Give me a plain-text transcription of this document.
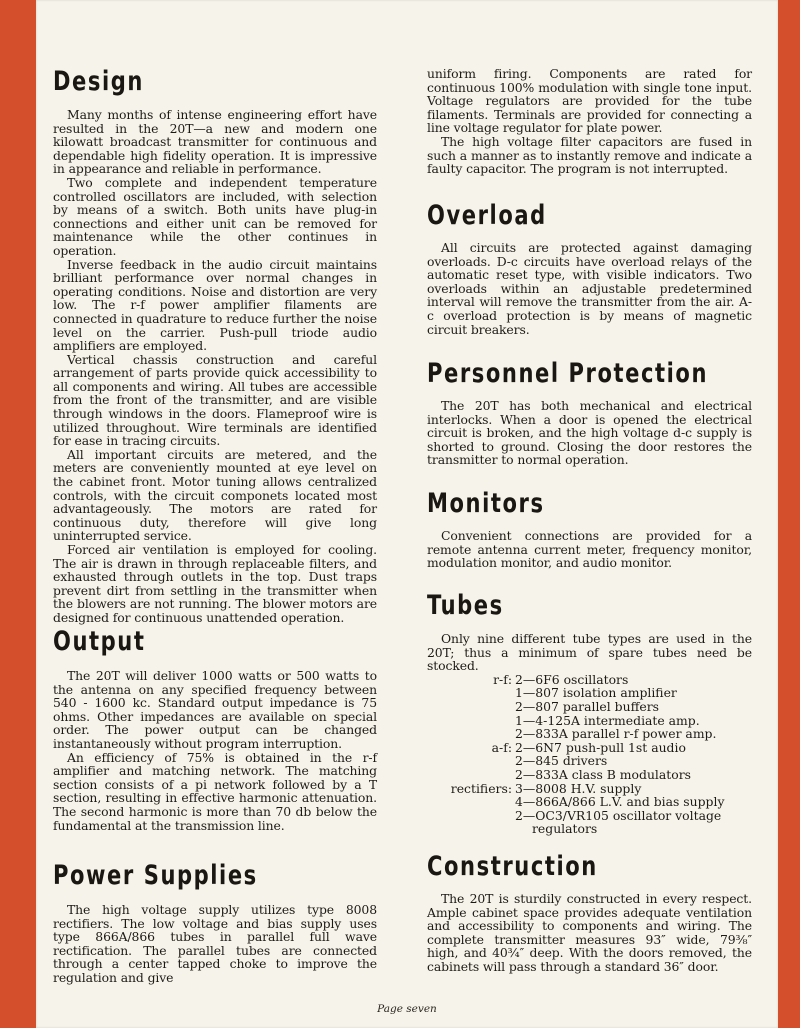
Design

Many months of intense engineering effort have resulted in the 20T—a new and modern one kilowatt broadcast transmitter for continuous and dependable high fidelity operation. It is impressive in appearance and reliable in performance.

Two complete and independent temperature controlled oscillators are included, with selection by means of a switch. Both units have plug-in connections and either unit can be removed for maintenance while the other continues in operation.

Inverse feedback in the audio circuit maintains brilliant performance over normal changes in operating conditions. Noise and distortion are very low. The r-f power amplifier filaments are connected in quadrature to reduce further the noise level on the carrier. Push-pull triode audio amplifiers are employed.

Vertical chassis construction and careful arrangement of parts provide quick accessibility to all components and wiring. All tubes are accessible from the front of the transmitter, and are visible through windows in the doors. Flameproof wire is utilized throughout. Wire terminals are identified for ease in tracing circuits.

All important circuits are metered, and the meters are conveniently mounted at eye level on the cabinet front. Motor tuning allows centralized controls, with the circuit componets located most advantageously. The motors are rated for continuous duty, therefore will give long uninterrupted service.

Forced air ventilation is employed for cooling. The air is drawn in through replaceable filters, and exhausted through outlets in the top. Dust traps prevent dirt from settling in the transmitter when the blowers are not running. The blower motors are designed for continuous unattended operation.

Output

The 20T will deliver 1000 watts or 500 watts to the antenna on any specified frequency between 540 - 1600 kc. Standard output impedance is 75 ohms. Other impedances are available on special order. The power output can be changed instantaneously without program interruption.

An efficiency of 75% is obtained in the r-f amplifier and matching network. The matching section consists of a pi network followed by a T section, resulting in effective harmonic attenuation. The second harmonic is more than 70 db below the fundamental at the transmission line.

Power Supplies

The high voltage supply utilizes type 8008 rectifiers. The low voltage and bias supply uses type 866A/866 tubes in parallel full wave rectification. The parallel tubes are connected through a center tapped choke to improve the regulation and give

uniform firing. Components are rated for continuous 100% modulation with single tone input. Voltage regulators are provided for the tube filaments. Terminals are provided for connecting a line voltage regulator for plate power.

The high voltage filter capacitors are fused in such a manner as to instantly remove and indicate a faulty capacitor. The program is not interrupted.

Overload

All circuits are protected against damaging overloads. D-c circuits have overload relays of the automatic reset type, with visible indicators. Two overloads within an adjustable predetermined interval will remove the transmitter from the air. A-c overload protection is by means of magnetic circuit breakers.

Personnel Protection

The 20T has both mechanical and electrical interlocks. When a door is opened the electrical circuit is broken, and the high voltage d-c supply is shorted to ground. Closing the door restores the transmitter to normal operation.

Monitors

Convenient connections are provided for a remote antenna current meter, frequency monitor, modulation monitor, and audio monitor.

Tubes

Only nine different tube types are used in the 20T; thus a minimum of spare tubes need be stocked.

r-f: 2—6F6 oscillators
1—807 isolation amplifier
2—807 parallel buffers
1—4-125A intermediate amp.
2—833A parallel r-f power amp.
a-f: 2—6N7 push-pull 1st audio
2—845 drivers
2—833A class B modulators
rectifiers: 3—8008 H.V. supply
4—866A/866 L.V. and bias supply
2—OC3/VR105 oscillator voltage regulators
Construction

The 20T is sturdily constructed in every respect. Ample cabinet space provides adequate ventilation and accessibility to components and wiring. The complete transmitter measures 93″ wide, 79⅜″ high, and 40¾″ deep. With the doors removed, the cabinets will pass through a standard 36″ door.

Page seven
